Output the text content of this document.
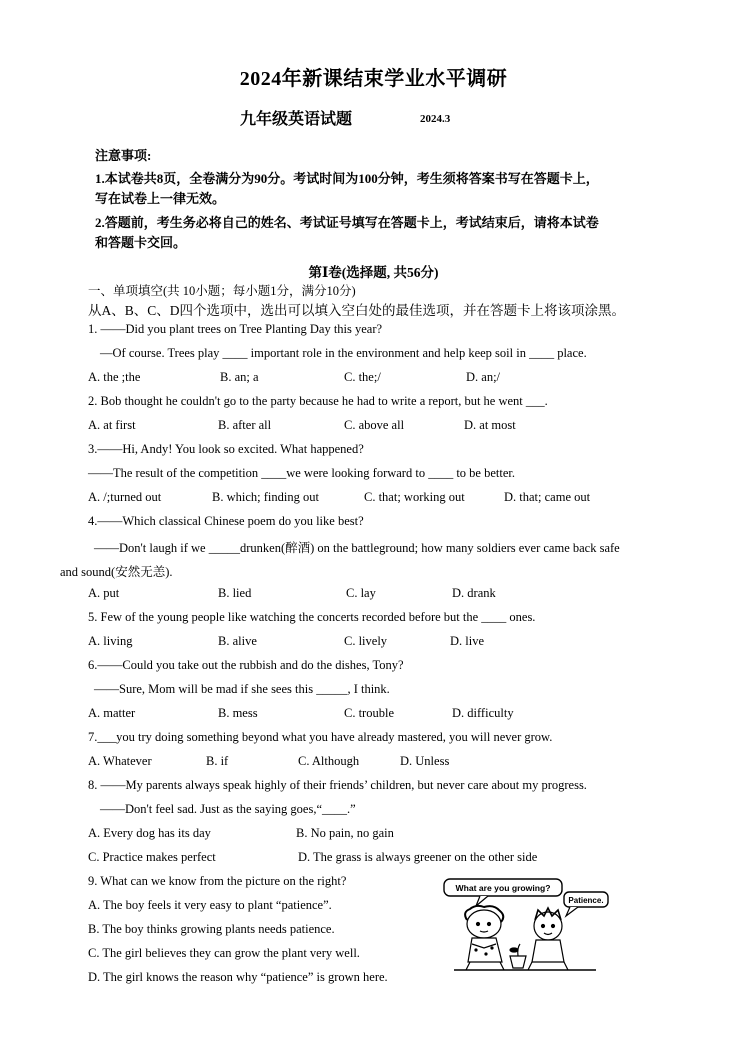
2024年新课结束学业水平调研
九年级英语试题	2024.3
注意事项:
1.本试卷共8页，全卷满分为90分。考试时间为100分钟，考生须将答案书写在答题卡上，
写在试卷上一律无效。
2.答题前，考生务必将自己的姓名、考试证号填写在答题卡上，考试结束后，请将本试卷
和答题卡交回。
第Ⅰ卷(选择题, 共56分)
一、单项填空(共 10小题；每小题1分，满分10分)
从A、B、C、D四个选项中，选出可以填入空白处的最佳选项，并在答题卡上将该项涂黑。
1. ——Did you plant trees on Tree Planting Day this year?
—Of course. Trees play ____ important role in the environment and help keep soil in ____ place.
A. the ;the	B. an; a	C. the;/	D. an;/
2. Bob thought he couldn't go to the party because he had to write a report, but he went ___.
A. at first	B. after all	C. above all	D. at most
3.——Hi, Andy! You look so excited. What happened?
——The result of the competition ____we were looking forward to ____ to be better.
A. /;turned out	B. which; finding out	C. that; working out	D. that; came out
4.——Which classical Chinese poem do you like best?
——Don't laugh if we _____drunken(醉酒) on the battleground; how many soldiers ever came back safe
and sound(安然无恙).
A. put	B. lied	C. lay	D. drank
5. Few of the young people like watching the concerts recorded before but the ____ ones.
A. living	B. alive	C. lively	D. live
6.——Could you take out the rubbish and do the dishes, Tony?
——Sure, Mom will be mad if she sees this _____, I think.
A. matter	B. mess	C. trouble	D. difficulty
7.___you try doing something beyond what you have already mastered, you will never grow.
A. Whatever	B. if	C. Although	D. Unless
8. ——My parents always speak highly of their friends’ children, but never care about my progress.
——Don't feel sad. Just as the saying goes,“____.”
A. Every dog has its day	B. No pain, no gain
C. Practice makes perfect	D. The grass is always greener on the other side
9. What can we know from the picture on the right?
A. The boy feels it very easy to plant “patience”.
B. The boy thinks growing plants needs patience.
C. The girl believes they can grow the plant very well.
D. The girl knows the reason why “patience” is grown here.
What are you growing?
Patience.
